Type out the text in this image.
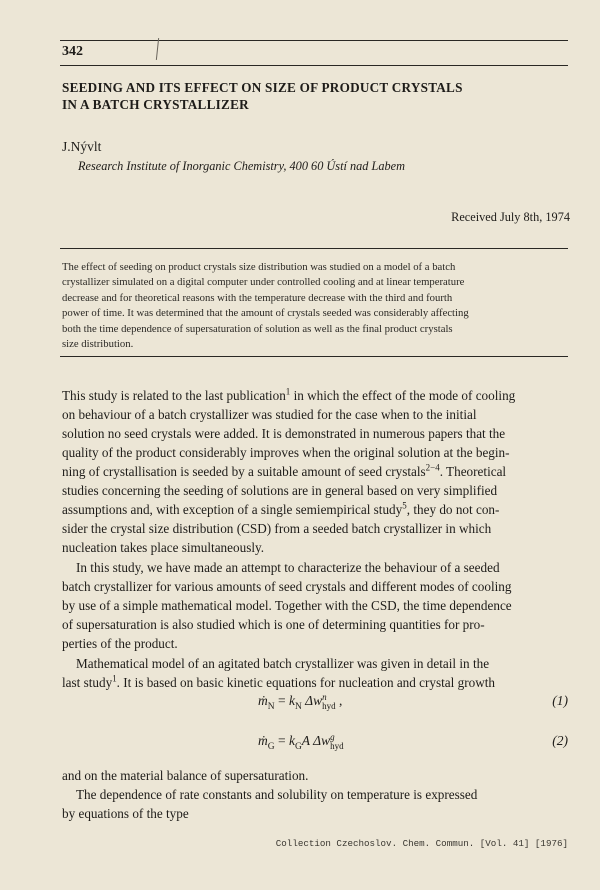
342
SEEDING AND ITS EFFECT ON SIZE OF PRODUCT CRYSTALS
IN A BATCH CRYSTALLIZER
J.Nývlt
Research Institute of Inorganic Chemistry, 400 60 Ústí nad Labem
Received July 8th, 1974
The effect of seeding on product crystals size distribution was studied on a model of a batch
crystallizer simulated on a digital computer under controlled cooling and at linear temperature
decrease and for theoretical reasons with the temperature decrease with the third and fourth
power of time. It was determined that the amount of crystals seeded was considerably affecting
both the time dependence of supersaturation of solution as well as the final product crystals
size distribution.
This study is related to the last publication$^1$ in which the effect of the mode of cooling
on behaviour of a batch crystallizer was studied for the case when to the initial
solution no seed crystals were added. It is demonstrated in numerous papers that the
quality of the product considerably improves when the original solution at the begin-
ning of crystallisation is seeded by a suitable amount of seed crystals$^{2-4}$. Theoretical
studies concerning the seeding of solutions are in general based on very simplified
assumptions and, with exception of a single semiempirical study$^5$, they do not con-
sider the crystal size distribution (CSD) from a seeded batch crystallizer in which
nucleation takes place simultaneously.
In this study, we have made an attempt to characterize the behaviour of a seeded
batch crystallizer for various amounts of seed crystals and different modes of cooling
by use of a simple mathematical model. Together with the CSD, the time dependence
of supersaturation is also studied which is one of determining quantities for pro-
perties of the product.
Mathematical model of an agitated batch crystallizer was given in detail in the
last study$^1$. It is based on basic kinetic equations for nucleation and crystal growth
ṁ$_N$ = $k_N$ Δw n
hyd ,	(1)
ṁ$_G$ = $k_GA$ Δw g
hyd	(2)
and on the material balance of supersaturation.
The dependence of rate constants and solubility on temperature is expressed
by equations of the type
Collection Czechoslov. Chem. Commun. [Vol. 41] [1976]
